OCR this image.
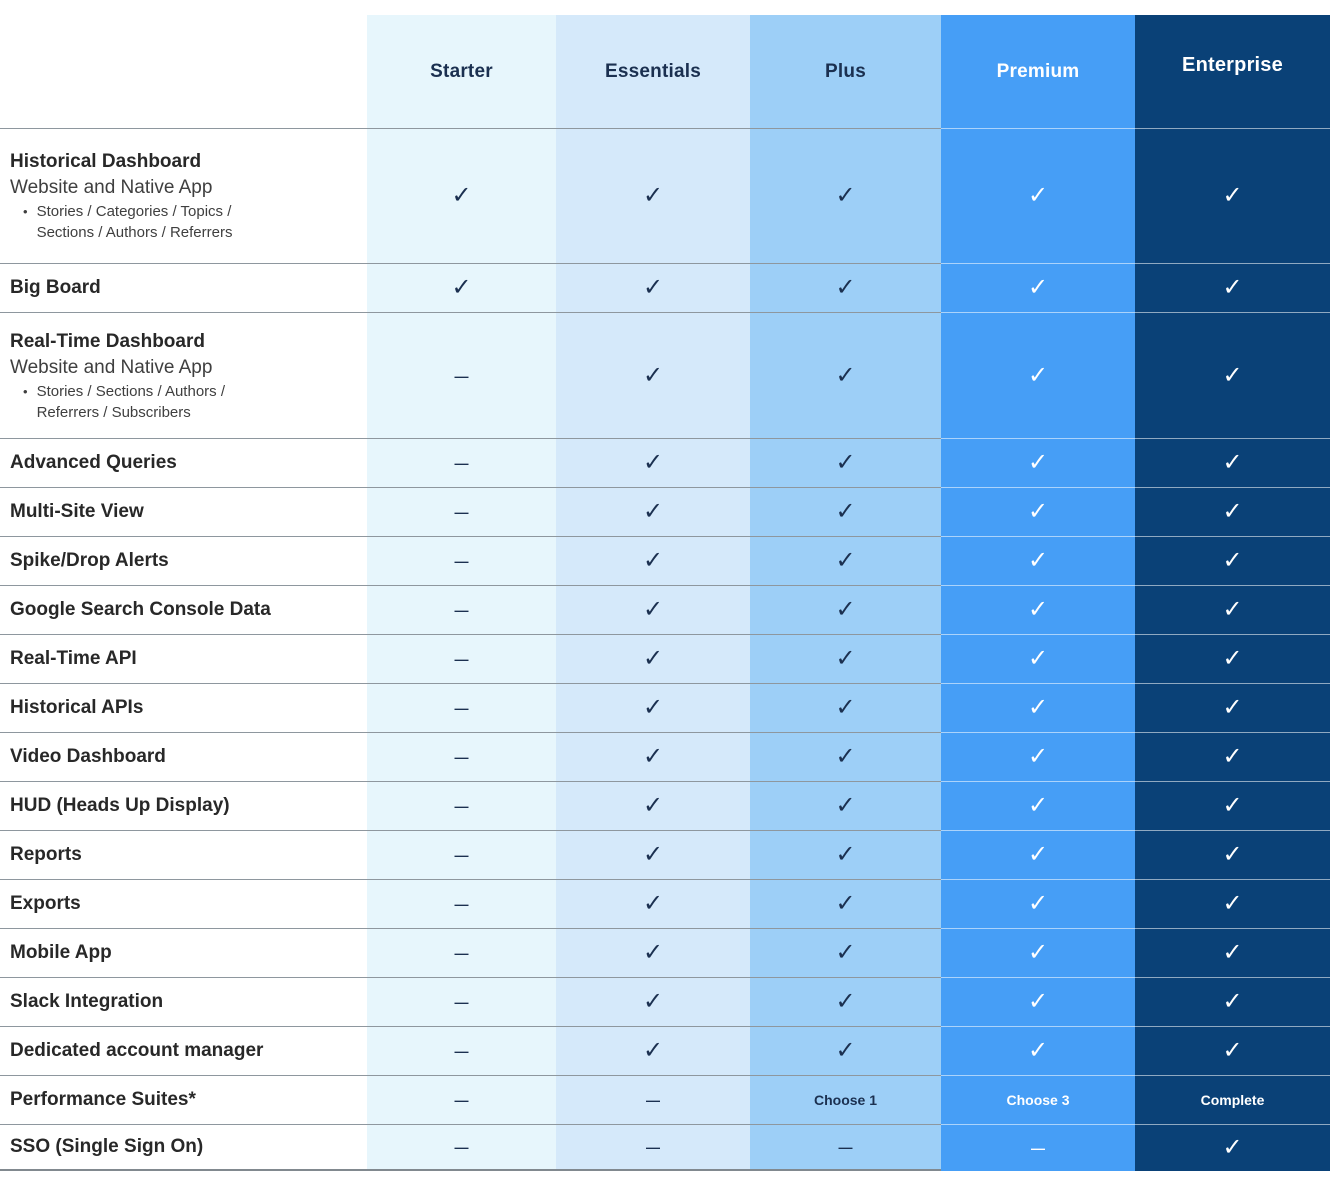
Starter	Essentials	Plus	Premium	Enterprise
Historical Dashboard
Website and Native App
• Stories / Categories / Topics / Sections / Authors / Referrers
✓	✓	✓	✓	✓
Big Board	✓	✓	✓	✓	✓
Real-Time Dashboard
Website and Native App
• Stories / Sections / Authors / Referrers / Subscribers
—	✓	✓	✓	✓
Advanced Queries	—	✓	✓	✓	✓
Multi-Site View	—	✓	✓	✓	✓
Spike/Drop Alerts	—	✓	✓	✓	✓
Google Search Console Data	—	✓	✓	✓	✓
Real-Time API	—	✓	✓	✓	✓
Historical APIs	—	✓	✓	✓	✓
Video Dashboard	—	✓	✓	✓	✓
HUD (Heads Up Display)	—	✓	✓	✓	✓
Reports	—	✓	✓	✓	✓
Exports	—	✓	✓	✓	✓
Mobile App	—	✓	✓	✓	✓
Slack Integration	—	✓	✓	✓	✓
Dedicated account manager	—	✓	✓	✓	✓
Performance Suites*	—	—	Choose 1	Choose 3	Complete
SSO (Single Sign On)	—	—	—	—	✓
